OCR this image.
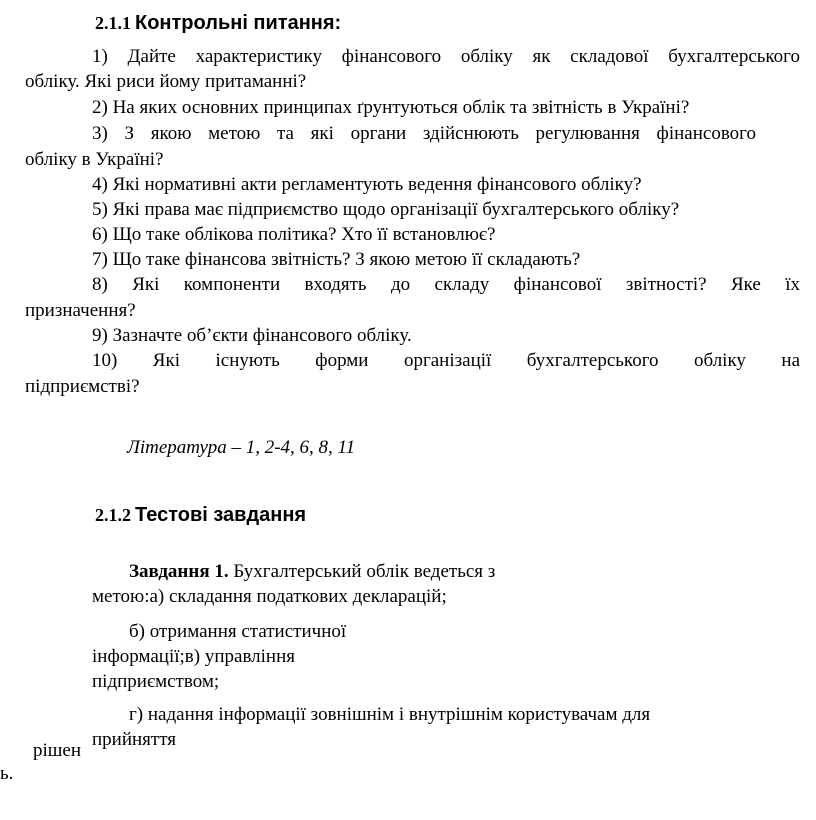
2.1.1 Контрольні питання:
1) Дайте характеристику фінансового обліку як складової бухгалтерського
обліку. Які риси йому притаманні?
2) На яких основних принципах ґрунтуються облік та звітність в Україні?
3) З якою метою та які органи здійснюють регулювання фінансового
обліку в Україні?
4) Які нормативні акти регламентують ведення фінансового обліку?
5) Які права має підприємство щодо організації бухгалтерського обліку?
6) Що таке облікова політика? Хто її встановлює?
7) Що таке фінансова звітність? З якою метою її складають?
8) Які компоненти входять до складу фінансової звітності? Яке їх
призначення?
9) Зазначте об’єкти фінансового обліку.
10) Які існують форми організації бухгалтерського обліку на
підприємстві?
Література – 1, 2-4, 6, 8, 11
2.1.2 Тестові завдання
Завдання 1. Бухгалтерський облік ведеться з
метою:а) складання податкових декларацій;
б) отримання статистичної
інформації;в) управління
підприємством;
г) надання інформації зовнішнім і внутрішнім користувачам для
прийняття
рішен
ь.
